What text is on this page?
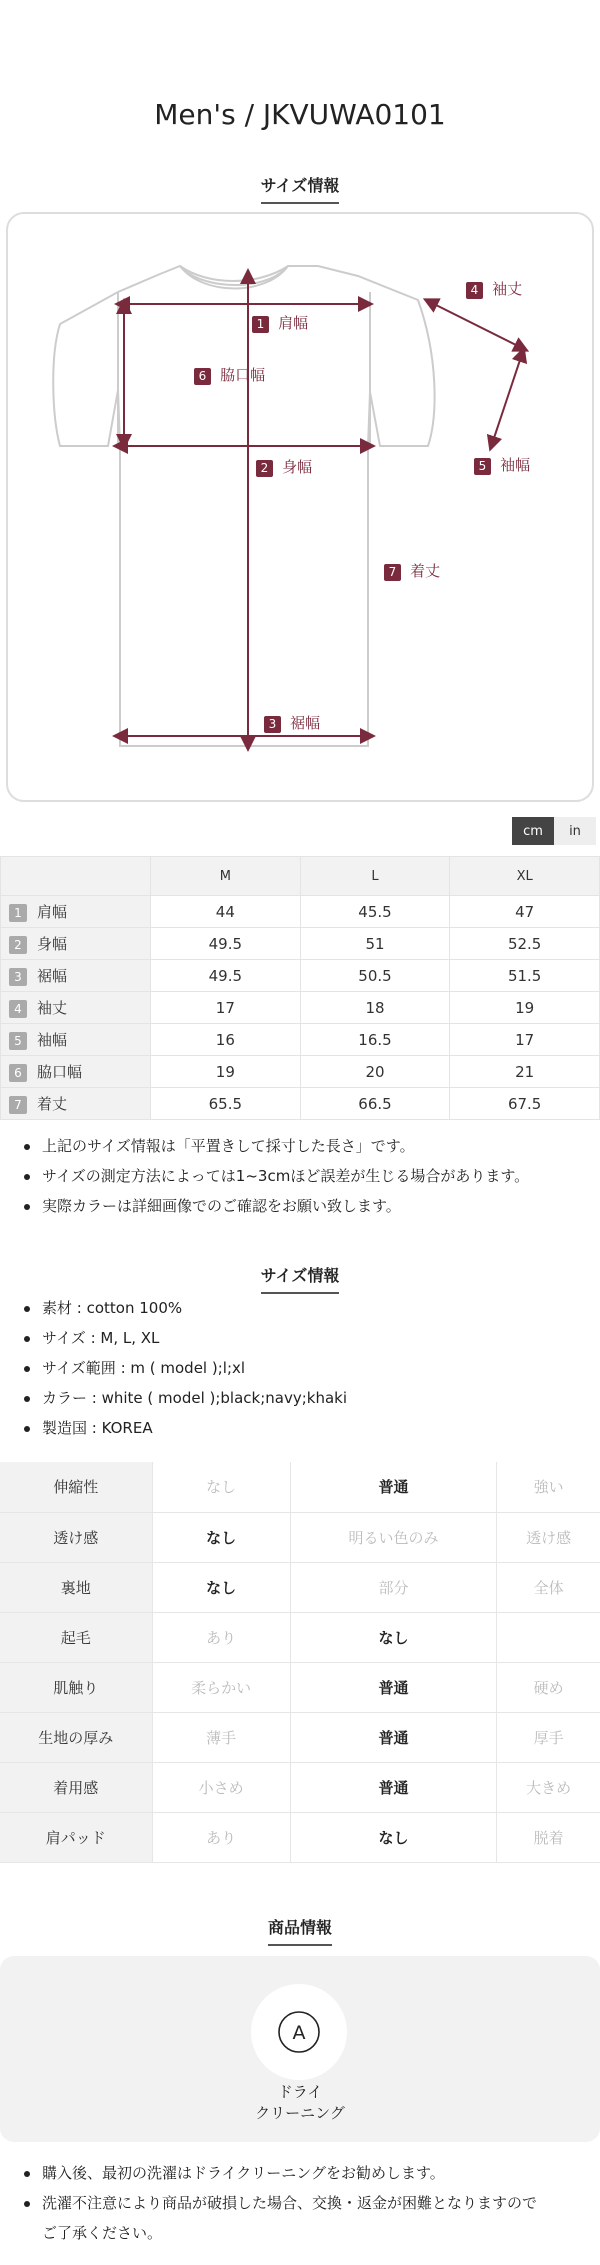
Men's / JKVUWA0101
サイズ情報
1 肩幅
2 身幅
3 裾幅
4 袖丈
5 袖幅
6 脇口幅
7 着丈
cm	in
	M	L	XL
1 肩幅	44	45.5	47
2 身幅	49.5	51	52.5
3 裾幅	49.5	50.5	51.5
4 袖丈	17	18	19
5 袖幅	16	16.5	17
6 脇口幅	19	20	21
7 着丈	65.5	66.5	67.5
上記のサイズ情報は「平置きして採寸した長さ」です。
サイズの測定方法によっては1~3cmほど誤差が生じる場合があります。
実際カラーは詳細画像でのご確認をお願い致します。
サイズ情報
素材 : cotton 100%
サイズ : M, L, XL
サイズ範囲 : m ( model );l;xl
カラー : white ( model );black;navy;khaki
製造国 : KOREA
伸縮性	なし	普通	強い
透け感	なし	明るい色のみ	透け感
裏地	なし	部分	全体
起毛	あり	なし	
肌触り	柔らかい	普通	硬め
生地の厚み	薄手	普通	厚手
着用感	小さめ	普通	大きめ
肩パッド	あり	なし	脱着
商品情報
A
ドライ
クリーニング
購入後、最初の洗濯はドライクリーニングをお勧めします。
洗濯不注意により商品が破損した場合、交換・返金が困難となりますので
ご了承ください。
